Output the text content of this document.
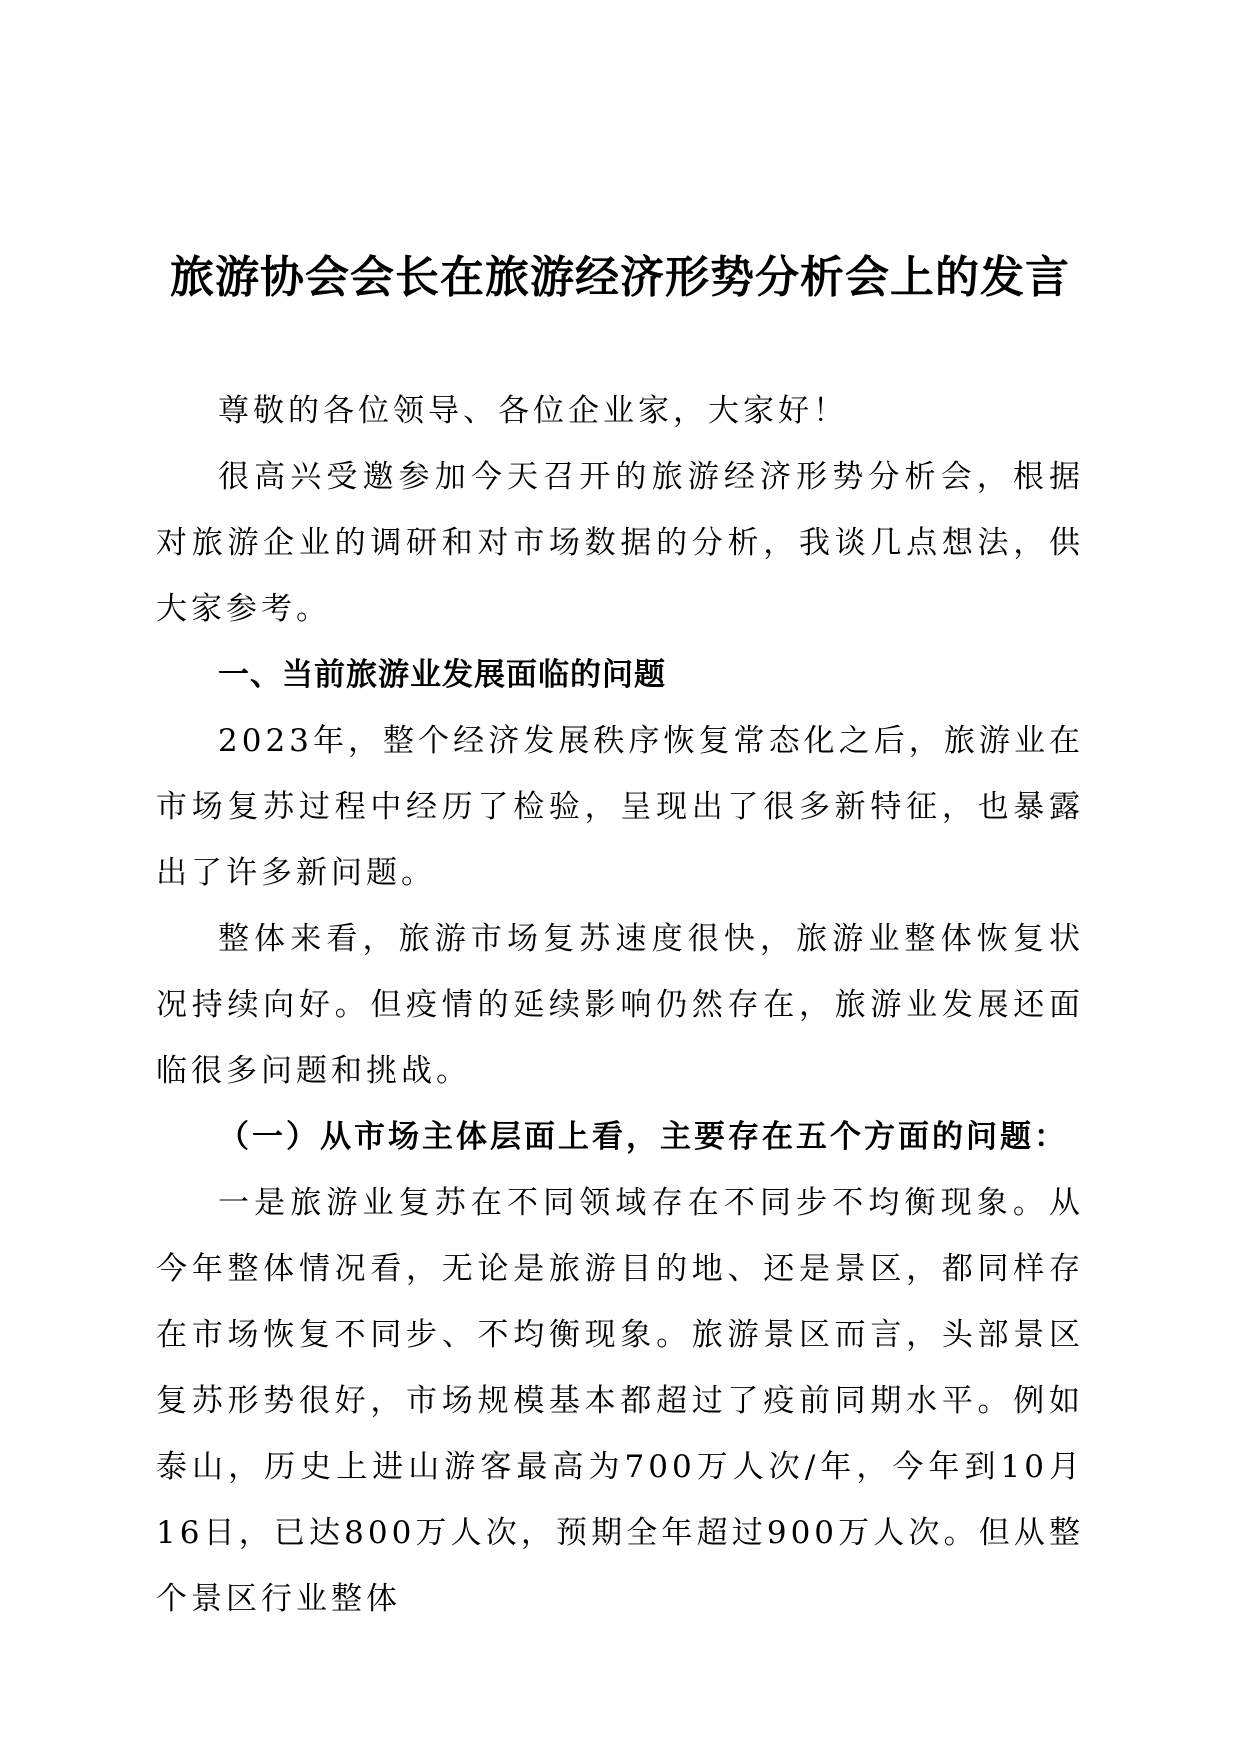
旅游协会会长在旅游经济形势分析会上的发言

尊敬的各位领导、各位企业家，大家好！

很高兴受邀参加今天召开的旅游经济形势分析会，根据对旅游企业的调研和对市场数据的分析，我谈几点想法，供大家参考。

一、当前旅游业发展面临的问题

2023年，整个经济发展秩序恢复常态化之后，旅游业在市场复苏过程中经历了检验，呈现出了很多新特征，也暴露出了许多新问题。

整体来看，旅游市场复苏速度很快，旅游业整体恢复状况持续向好。但疫情的延续影响仍然存在，旅游业发展还面临很多问题和挑战。

（一）从市场主体层面上看，主要存在五个方面的问题：

一是旅游业复苏在不同领域存在不同步不均衡现象。从今年整体情况看，无论是旅游目的地、还是景区，都同样存在市场恢复不同步、不均衡现象。旅游景区而言，头部景区复苏形势很好，市场规模基本都超过了疫前同期水平。例如泰山，历史上进山游客最高为700万人次/年，今年到10月16日，已达800万人次，预期全年超过900万人次。但从整个景区行业整体
